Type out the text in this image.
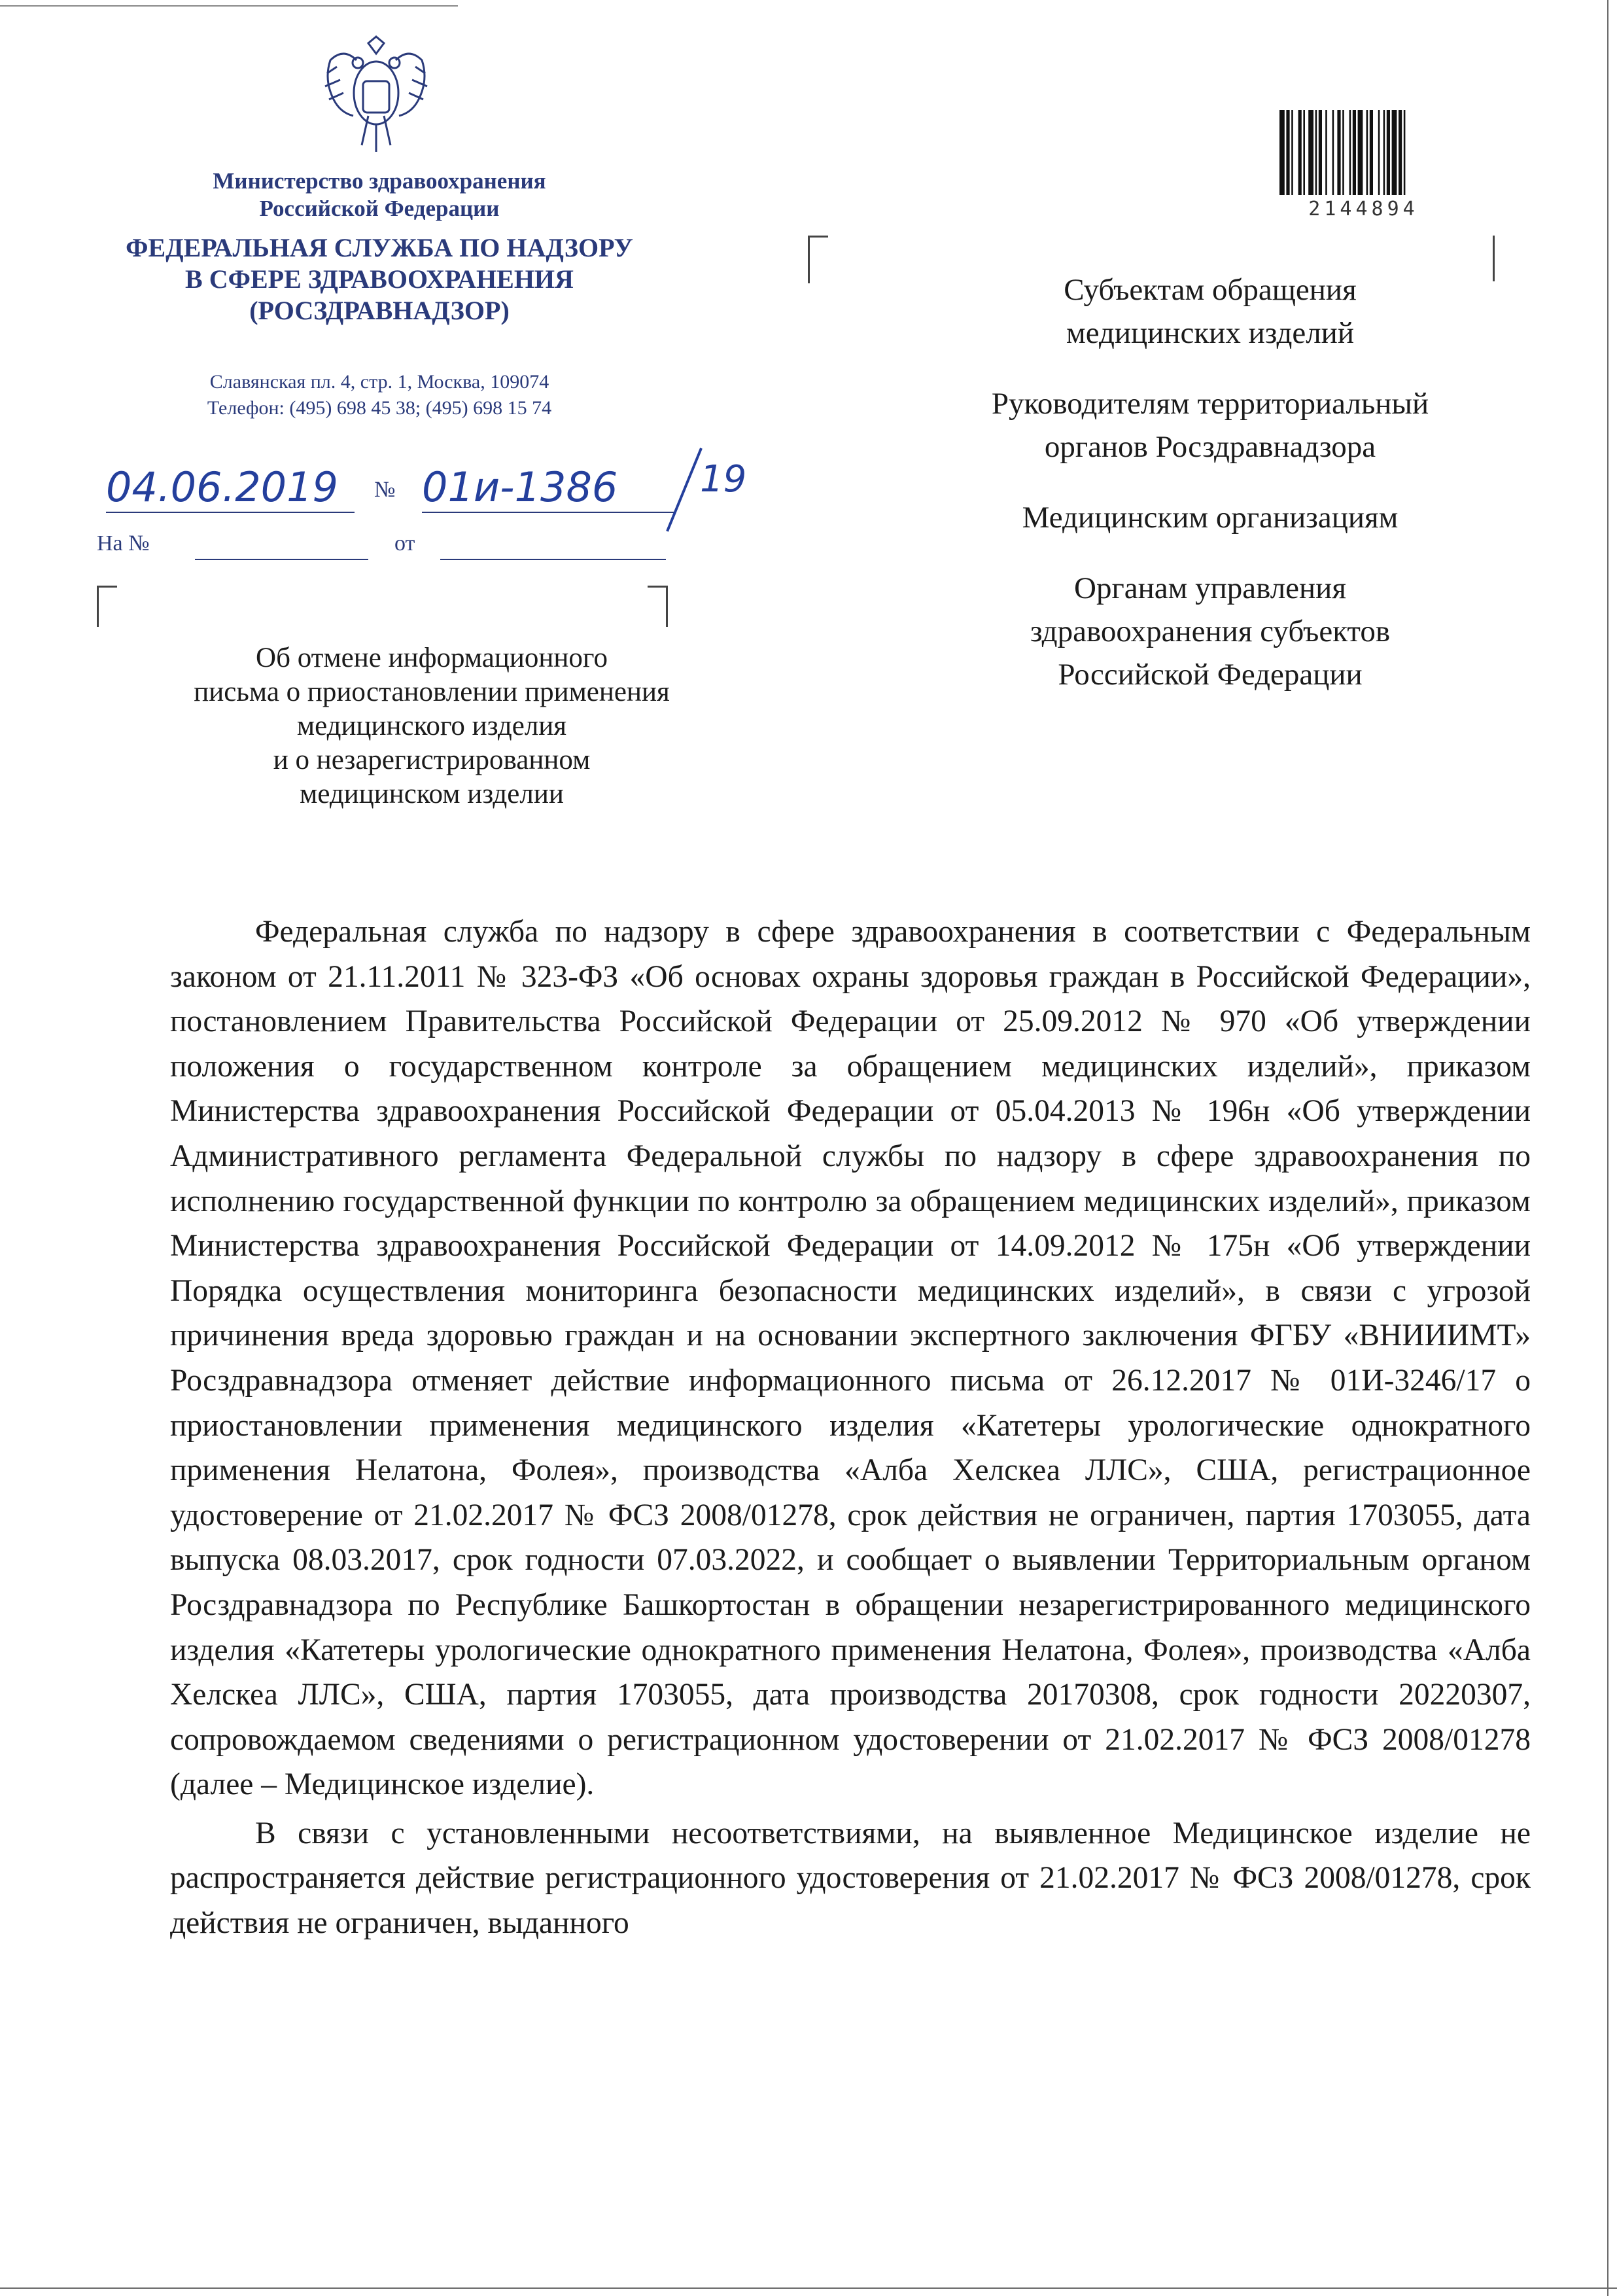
Министерство здравоохранения
Российской Федерации
ФЕДЕРАЛЬНАЯ СЛУЖБА ПО НАДЗОРУ
В СФЕРЕ ЗДРАВООХРАНЕНИЯ
(РОСЗДРАВНАДЗОР)
Славянская пл. 4, стр. 1, Москва, 109074
Телефон: (495) 698 45 38; (495) 698 15 74
04.06.2019 № 01и-1386 19
На №	от
Об отмене информационного
письма о приостановлении применения
медицинского изделия
и о незарегистрированном
медицинском изделии
2144894

Субъектам обращения

медицинских изделий

Руководителям территориальный

органов Росздравнадзора

Медицинским организациям

Органам управления

здравоохранения субъектов

Российской Федерации

Федеральная служба по надзору в сфере здравоохранения в соответствии с Федеральным законом от 21.11.2011 № 323-ФЗ «Об основах охраны здоровья граждан в Российской Федерации», постановлением Правительства Российской Федерации от 25.09.2012 № 970 «Об утверждении положения о государственном контроле за обращением медицинских изделий», приказом Министерства здравоохранения Российской Федерации от 05.04.2013 № 196н «Об утверждении Административного регламента Федеральной службы по надзору в сфере здравоохранения по исполнению государственной функции по контролю за обращением медицинских изделий», приказом Министерства здравоохранения Российской Федерации от 14.09.2012 № 175н «Об утверждении Порядка осуществления мониторинга безопасности медицинских изделий», в связи с угрозой причинения вреда здоровью граждан и на основании экспертного заключения ФГБУ «ВНИИИМТ» Росздравнадзора отменяет действие информационного письма от 26.12.2017 № 01И-3246/17 о приостановлении применения медицинского изделия «Катетеры урологические однократного применения Нелатона, Фолея», производства «Алба Хелскеа ЛЛС», США, регистрационное удостоверение от 21.02.2017 № ФСЗ 2008/01278, срок действия не ограничен, партия 1703055, дата выпуска 08.03.2017, срок годности 07.03.2022, и сообщает о выявлении Территориальным органом Росздравнадзора по Республике Башкортостан в обращении незарегистрированного медицинского изделия «Катетеры урологические однократного применения Нелатона, Фолея», производства «Алба Хелскеа ЛЛС», США, партия 1703055, дата производства 20170308, срок годности 20220307, сопровождаемом сведениями о регистрационном удостоверении от 21.02.2017 № ФСЗ 2008/01278 (далее – Медицинское изделие).

В связи с установленными несоответствиями, на выявленное Медицинское изделие не распространяется действие регистрационного удостоверения от 21.02.2017 № ФСЗ 2008/01278, срок действия не ограничен, выданного
